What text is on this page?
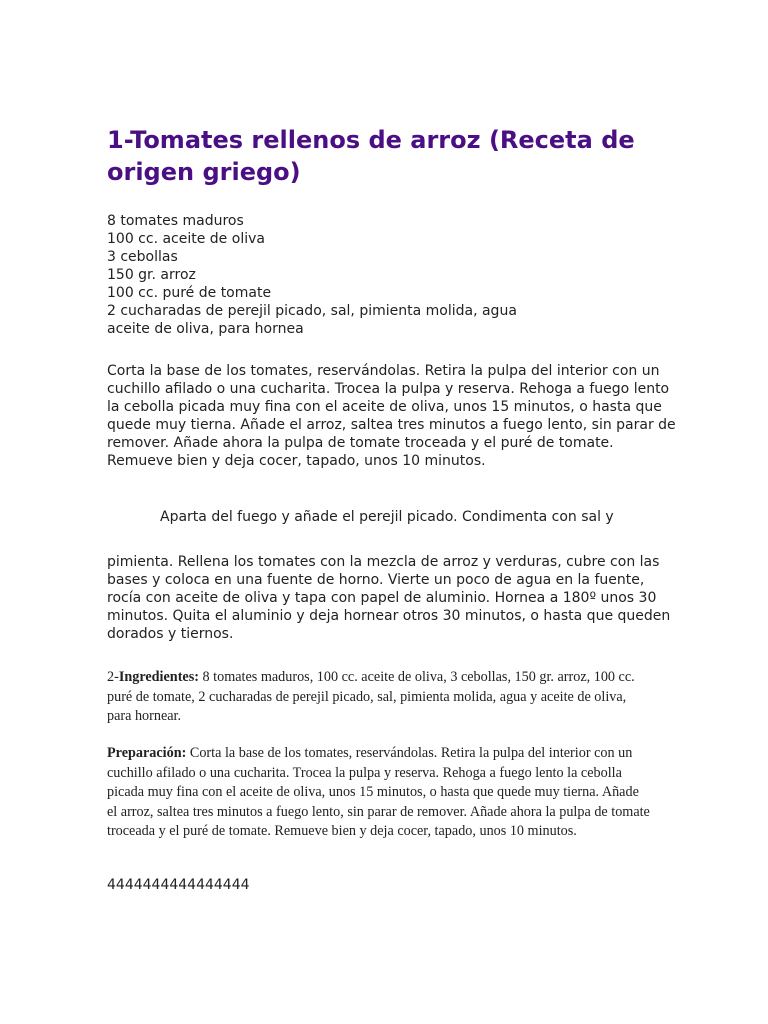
1-Tomates rellenos de arroz (Receta de origen griego)
8 tomates maduros
100 cc. aceite de oliva
3 cebollas
150 gr. arroz
100 cc. puré de tomate
2 cucharadas de perejil picado, sal, pimienta molida, agua
aceite de oliva, para hornea

Corta la base de los tomates, reservándolas. Retira la pulpa del interior con un cuchillo afilado o una cucharita. Trocea la pulpa y reserva. Rehoga a fuego lento la cebolla picada muy fina con el aceite de oliva, unos 15 minutos, o hasta que quede muy tierna. Añade el arroz, saltea tres minutos a fuego lento, sin parar de remover. Añade ahora la pulpa de tomate troceada y el puré de tomate. Remueve bien y deja cocer, tapado, unos 10 minutos.

Aparta del fuego y añade el perejil picado. Condimenta con sal y

pimienta. Rellena los tomates con la mezcla de arroz y verduras, cubre con las bases y coloca en una fuente de horno. Vierte un poco de agua en la fuente, rocía con aceite de oliva y tapa con papel de aluminio. Hornea a 180º unos 30 minutos. Quita el aluminio y deja hornear otros 30 minutos, o hasta que queden dorados y tiernos.

2-Ingredientes: 8 tomates maduros, 100 cc. aceite de oliva, 3 cebollas, 150 gr. arroz, 100 cc. puré de tomate, 2 cucharadas de perejil picado, sal, pimienta molida, agua y aceite de oliva, para hornear.

Preparación: Corta la base de los tomates, reservándolas. Retira la pulpa del interior con un cuchillo afilado o una cucharita. Trocea la pulpa y reserva. Rehoga a fuego lento la cebolla picada muy fina con el aceite de oliva, unos 15 minutos, o hasta que quede muy tierna. Añade el arroz, saltea tres minutos a fuego lento, sin parar de remover. Añade ahora la pulpa de tomate troceada y el puré de tomate. Remueve bien y deja cocer, tapado, unos 10 minutos.

4444444444444444
